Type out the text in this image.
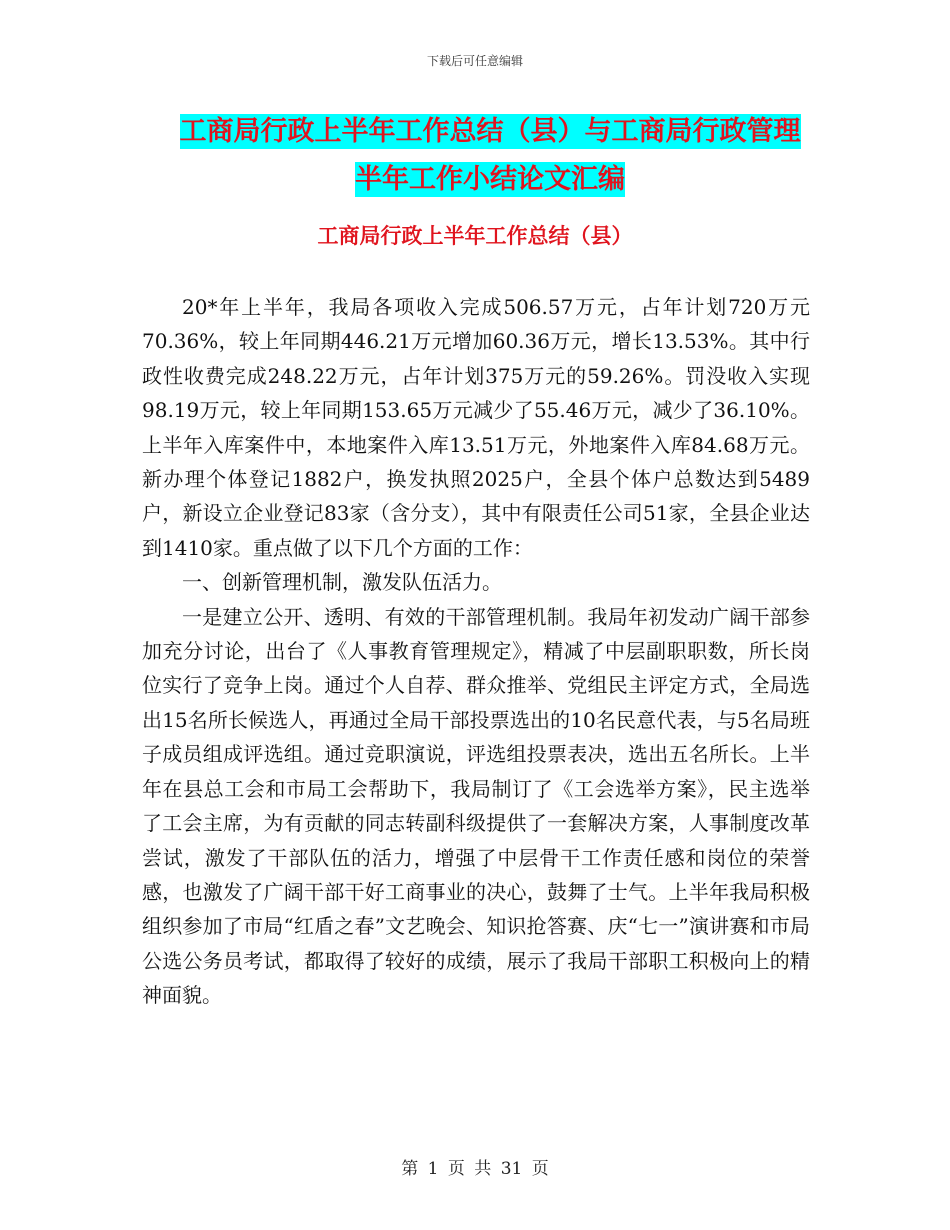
下载后可任意编辑
工商局行政上半年工作总结（县）与工商局行政管理
半年工作小结论文汇编
工商局行政上半年工作总结（县）

20*年上半年，我局各项收入完成506.57万元，占年计划720万元70.36%，较上年同期446.21万元增加60.36万元，增长13.53%。其中行政性收费完成248.22万元，占年计划375万元的59.26%。罚没收入实现98.19万元，较上年同期153.65万元减少了55.46万元，减少了36.10%。上半年入库案件中，本地案件入库13.51万元，外地案件入库84.68万元。新办理个体登记1882户，换发执照2025户，全县个体户总数达到5489户，新设立企业登记83家（含分支），其中有限责任公司51家，全县企业达到1410家。重点做了以下几个方面的工作：

一、创新管理机制，激发队伍活力。

一是建立公开、透明、有效的干部管理机制。我局年初发动广阔干部参加充分讨论，出台了《人事教育管理规定》，精减了中层副职职数，所长岗位实行了竞争上岗。通过个人自荐、群众推举、党组民主评定方式，全局选出15名所长候选人，再通过全局干部投票选出的10名民意代表，与5名局班子成员组成评选组。通过竞职演说，评选组投票表决，选出五名所长。上半年在县总工会和市局工会帮助下，我局制订了《工会选举方案》，民主选举了工会主席，为有贡献的同志转副科级提供了一套解决方案，人事制度改革尝试，激发了干部队伍的活力，增强了中层骨干工作责任感和岗位的荣誉感，也激发了广阔干部干好工商事业的决心，鼓舞了士气。上半年我局积极组织参加了市局“红盾之春”文艺晚会、知识抢答赛、庆“七一”演讲赛和市局公选公务员考试，都取得了较好的成绩，展示了我局干部职工积极向上的精神面貌。

第 1 页 共 31 页
